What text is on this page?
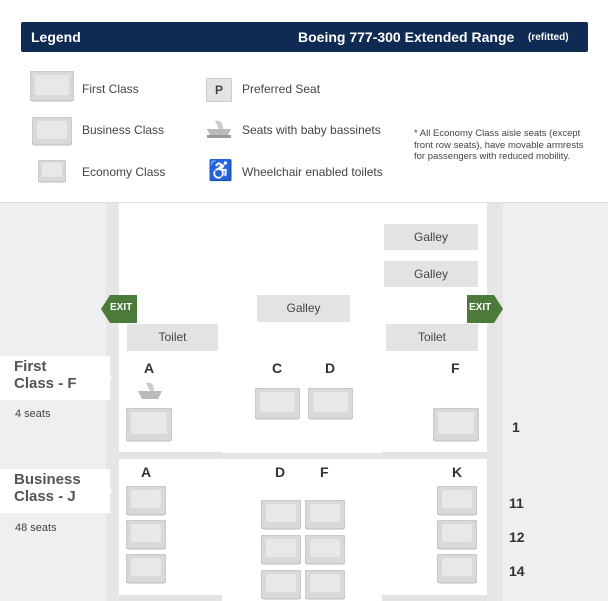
Legend	Boeing 777-300 Extended Range (refitted)
First Class
Business Class
Economy Class
P	Preferred Seat
Seats with baby bassinets
♿ Wheelchair enabled toilets
* All Economy Class aisle seats (except front row seats), have movable armrests for passengers with reduced mobility.
Galley
Galley
Galley
Toilet	Toilet
EXIT	EXIT
First
Class - F
4 seats
A	C	D	F
1
Business
Class - J
48 seats
A	D F	K
11
12
14
